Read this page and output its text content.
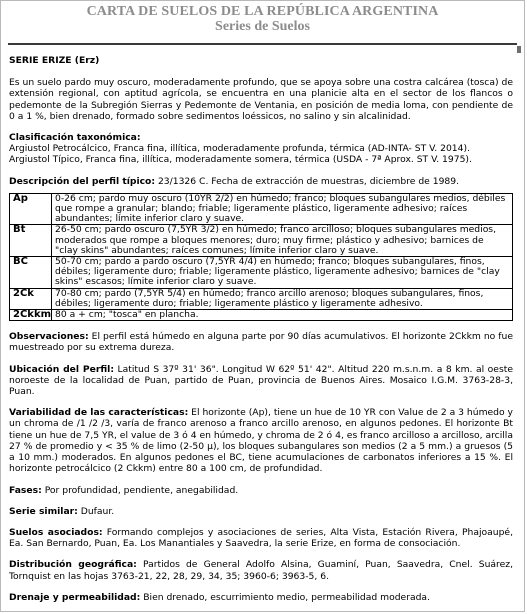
CARTA DE SUELOS DE LA REPÚBLICA ARGENTINA
Series de Suelos

SERIE ERIZE (Erz)

Es un suelo pardo muy oscuro, moderadamente profundo, que se apoya sobre una costra calcárea (tosca) de extensión regional, con aptitud agrícola, se encuentra en una planicie alta en el sector de los flancos o pedemonte de la Subregión Sierras y Pedemonte de Ventania, en posición de media loma, con pendiente de 0 a 1 %, bien drenado, formado sobre sedimentos loéssicos, no salino y sin alcalinidad.

Clasificación taxonómica:

Argiustol Petrocálcico, Franca fina, illítica, moderadamente profunda, térmica (AD-INTA- ST V. 2014).

Argiustol Típico, Franca fina, illítica, moderadamente somera, térmica (USDA - 7ª Aprox. ST V. 1975).

Descripción del perfil típico: 23/1326 C. Fecha de extracción de muestras, diciembre de 1989.

Ap	0-26 cm; pardo muy oscuro (10YR 2/2) en húmedo; franco; bloques subangulares medios, débiles que rompe a granular; blando; friable; ligeramente plástico, ligeramente adhesivo; raíces abundantes; límite inferior claro y suave.
Bt	26-50 cm; pardo oscuro (7,5YR 3/2) en húmedo; franco arcilloso; bloques subangulares medios, moderados que rompe a bloques menores; duro; muy firme; plástico y adhesivo; barnices de "clay skins" abundantes; raíces comunes; límite inferior claro y suave.
BC	50-70 cm; pardo a pardo oscuro (7,5YR 4/4) en húmedo; franco; bloques subangulares, finos, débiles; ligeramente duro; friable; ligeramente plástico, ligeramente adhesivo; barnices de "clay skins" escasos; límite inferior claro y suave.
2Ck	70-80 cm; pardo (7,5YR 5/4) en húmedo; franco arcillo arenoso; bloques subangulares, finos, débiles; ligeramente duro; friable; ligeramente plástico y ligeramente adhesivo.
2Ckkm	80 a + cm; "tosca" en plancha.

Observaciones: El perfil está húmedo en alguna parte por 90 días acumulativos. El horizonte 2Ckkm no fue muestreado por su extrema dureza.

Ubicación del Perfil: Latitud S 37º 31' 36". Longitud W 62º 51' 42". Altitud 220 m.s.n.m. a 8 km. al oeste noroeste de la localidad de Puan, partido de Puan, provincia de Buenos Aires. Mosaico I.G.M. 3763-28-3, Puan.

Variabilidad de las características: El horizonte (Ap), tiene un hue de 10 YR con Value de 2 a 3 húmedo y un chroma de /1 /2 /3, varía de franco arenoso a franco arcillo arenoso, en algunos pedones. El horizonte Bt tiene un hue de 7,5 YR, el value de 3 ó 4 en húmedo, y chroma de 2 ó 4, es franco arcilloso a arcilloso, arcilla 27 % de promedio y < 35 % de limo (2-50 µ), los bloques subangulares son medios (2 a 5 mm.) a gruesos (5 a 10 mm.) moderados. En algunos pedones el BC, tiene acumulaciones de carbonatos inferiores a 15 %. El horizonte petrocálcico (2 Ckkm) entre 80 a 100 cm, de profundidad.

Fases: Por profundidad, pendiente, anegabilidad.

Serie similar: Dufaur.

Suelos asociados: Formando complejos y asociaciones de series, Alta Vista, Estación Rivera, Phajoaupé, Ea. San Bernardo, Puan, Ea. Los Manantiales y Saavedra, la serie Erize, en forma de consociación.

Distribución geográfica: Partidos de General Adolfo Alsina, Guaminí, Puan, Saavedra, Cnel. Suárez, Tornquist en las hojas 3763-21, 22, 28, 29, 34, 35; 3960-6; 3963-5, 6.

Drenaje y permeabilidad: Bien drenado, escurrimiento medio, permeabilidad moderada.
